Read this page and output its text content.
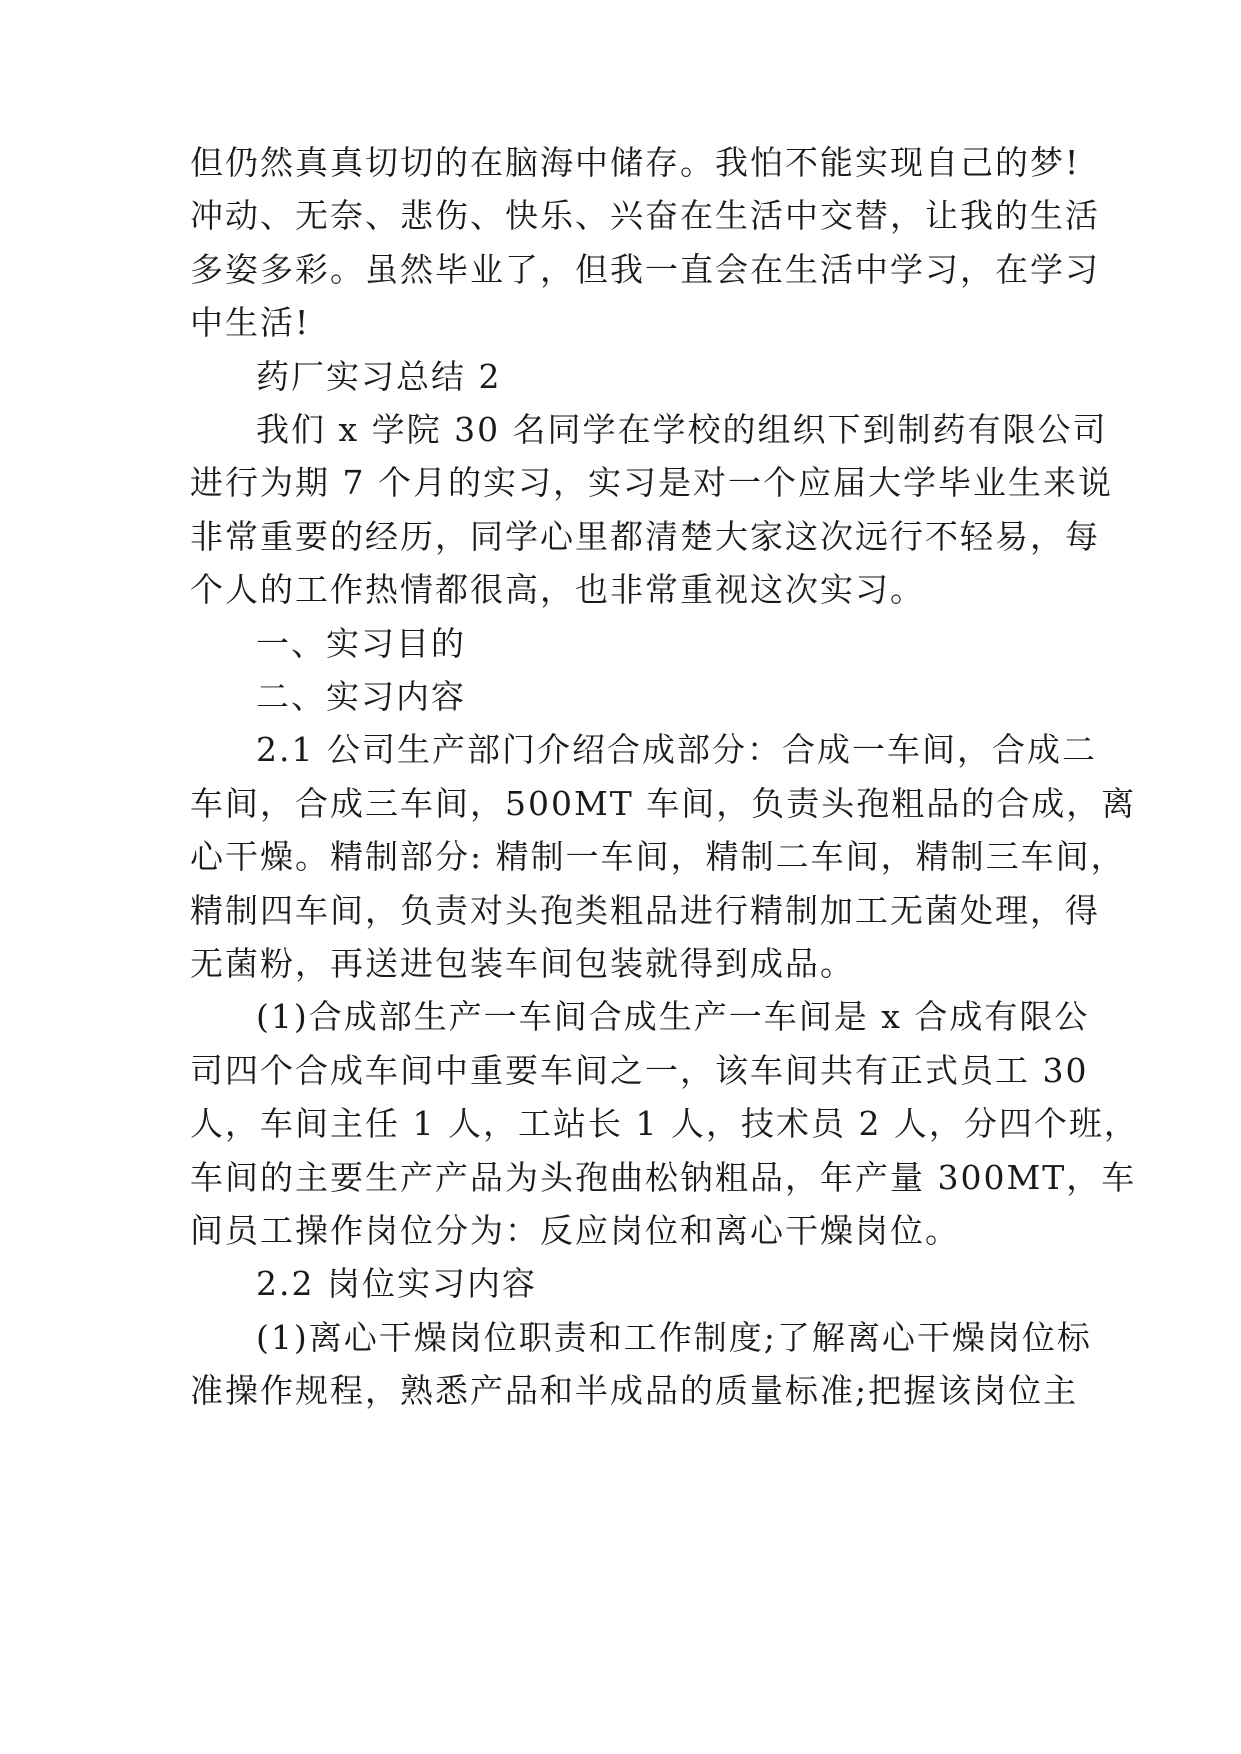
但仍然真真切切的在脑海中储存。我怕不能实现自己的梦!
冲动、无奈、悲伤、快乐、兴奋在生活中交替，让我的生活
多姿多彩。虽然毕业了，但我一直会在生活中学习，在学习
中生活!
药厂实习总结 2
我们 x 学院 30 名同学在学校的组织下到制药有限公司
进行为期 7 个月的实习，实习是对一个应届大学毕业生来说
非常重要的经历，同学心里都清楚大家这次远行不轻易，每
个人的工作热情都很高，也非常重视这次实习。
一、实习目的
二、实习内容
2.1 公司生产部门介绍合成部分：合成一车间，合成二
车间，合成三车间，500MT 车间，负责头孢粗品的合成，离
心干燥。精制部分: 精制一车间，精制二车间，精制三车间，
精制四车间，负责对头孢类粗品进行精制加工无菌处理，得
无菌粉，再送进包装车间包装就得到成品。
(1)合成部生产一车间合成生产一车间是 x 合成有限公
司四个合成车间中重要车间之一，该车间共有正式员工 30
人，车间主任 1 人，工站长 1 人，技术员 2 人，分四个班，
车间的主要生产产品为头孢曲松钠粗品，年产量 300MT，车
间员工操作岗位分为：反应岗位和离心干燥岗位。
2.2 岗位实习内容
(1)离心干燥岗位职责和工作制度;了解离心干燥岗位标
准操作规程，熟悉产品和半成品的质量标准;把握该岗位主
